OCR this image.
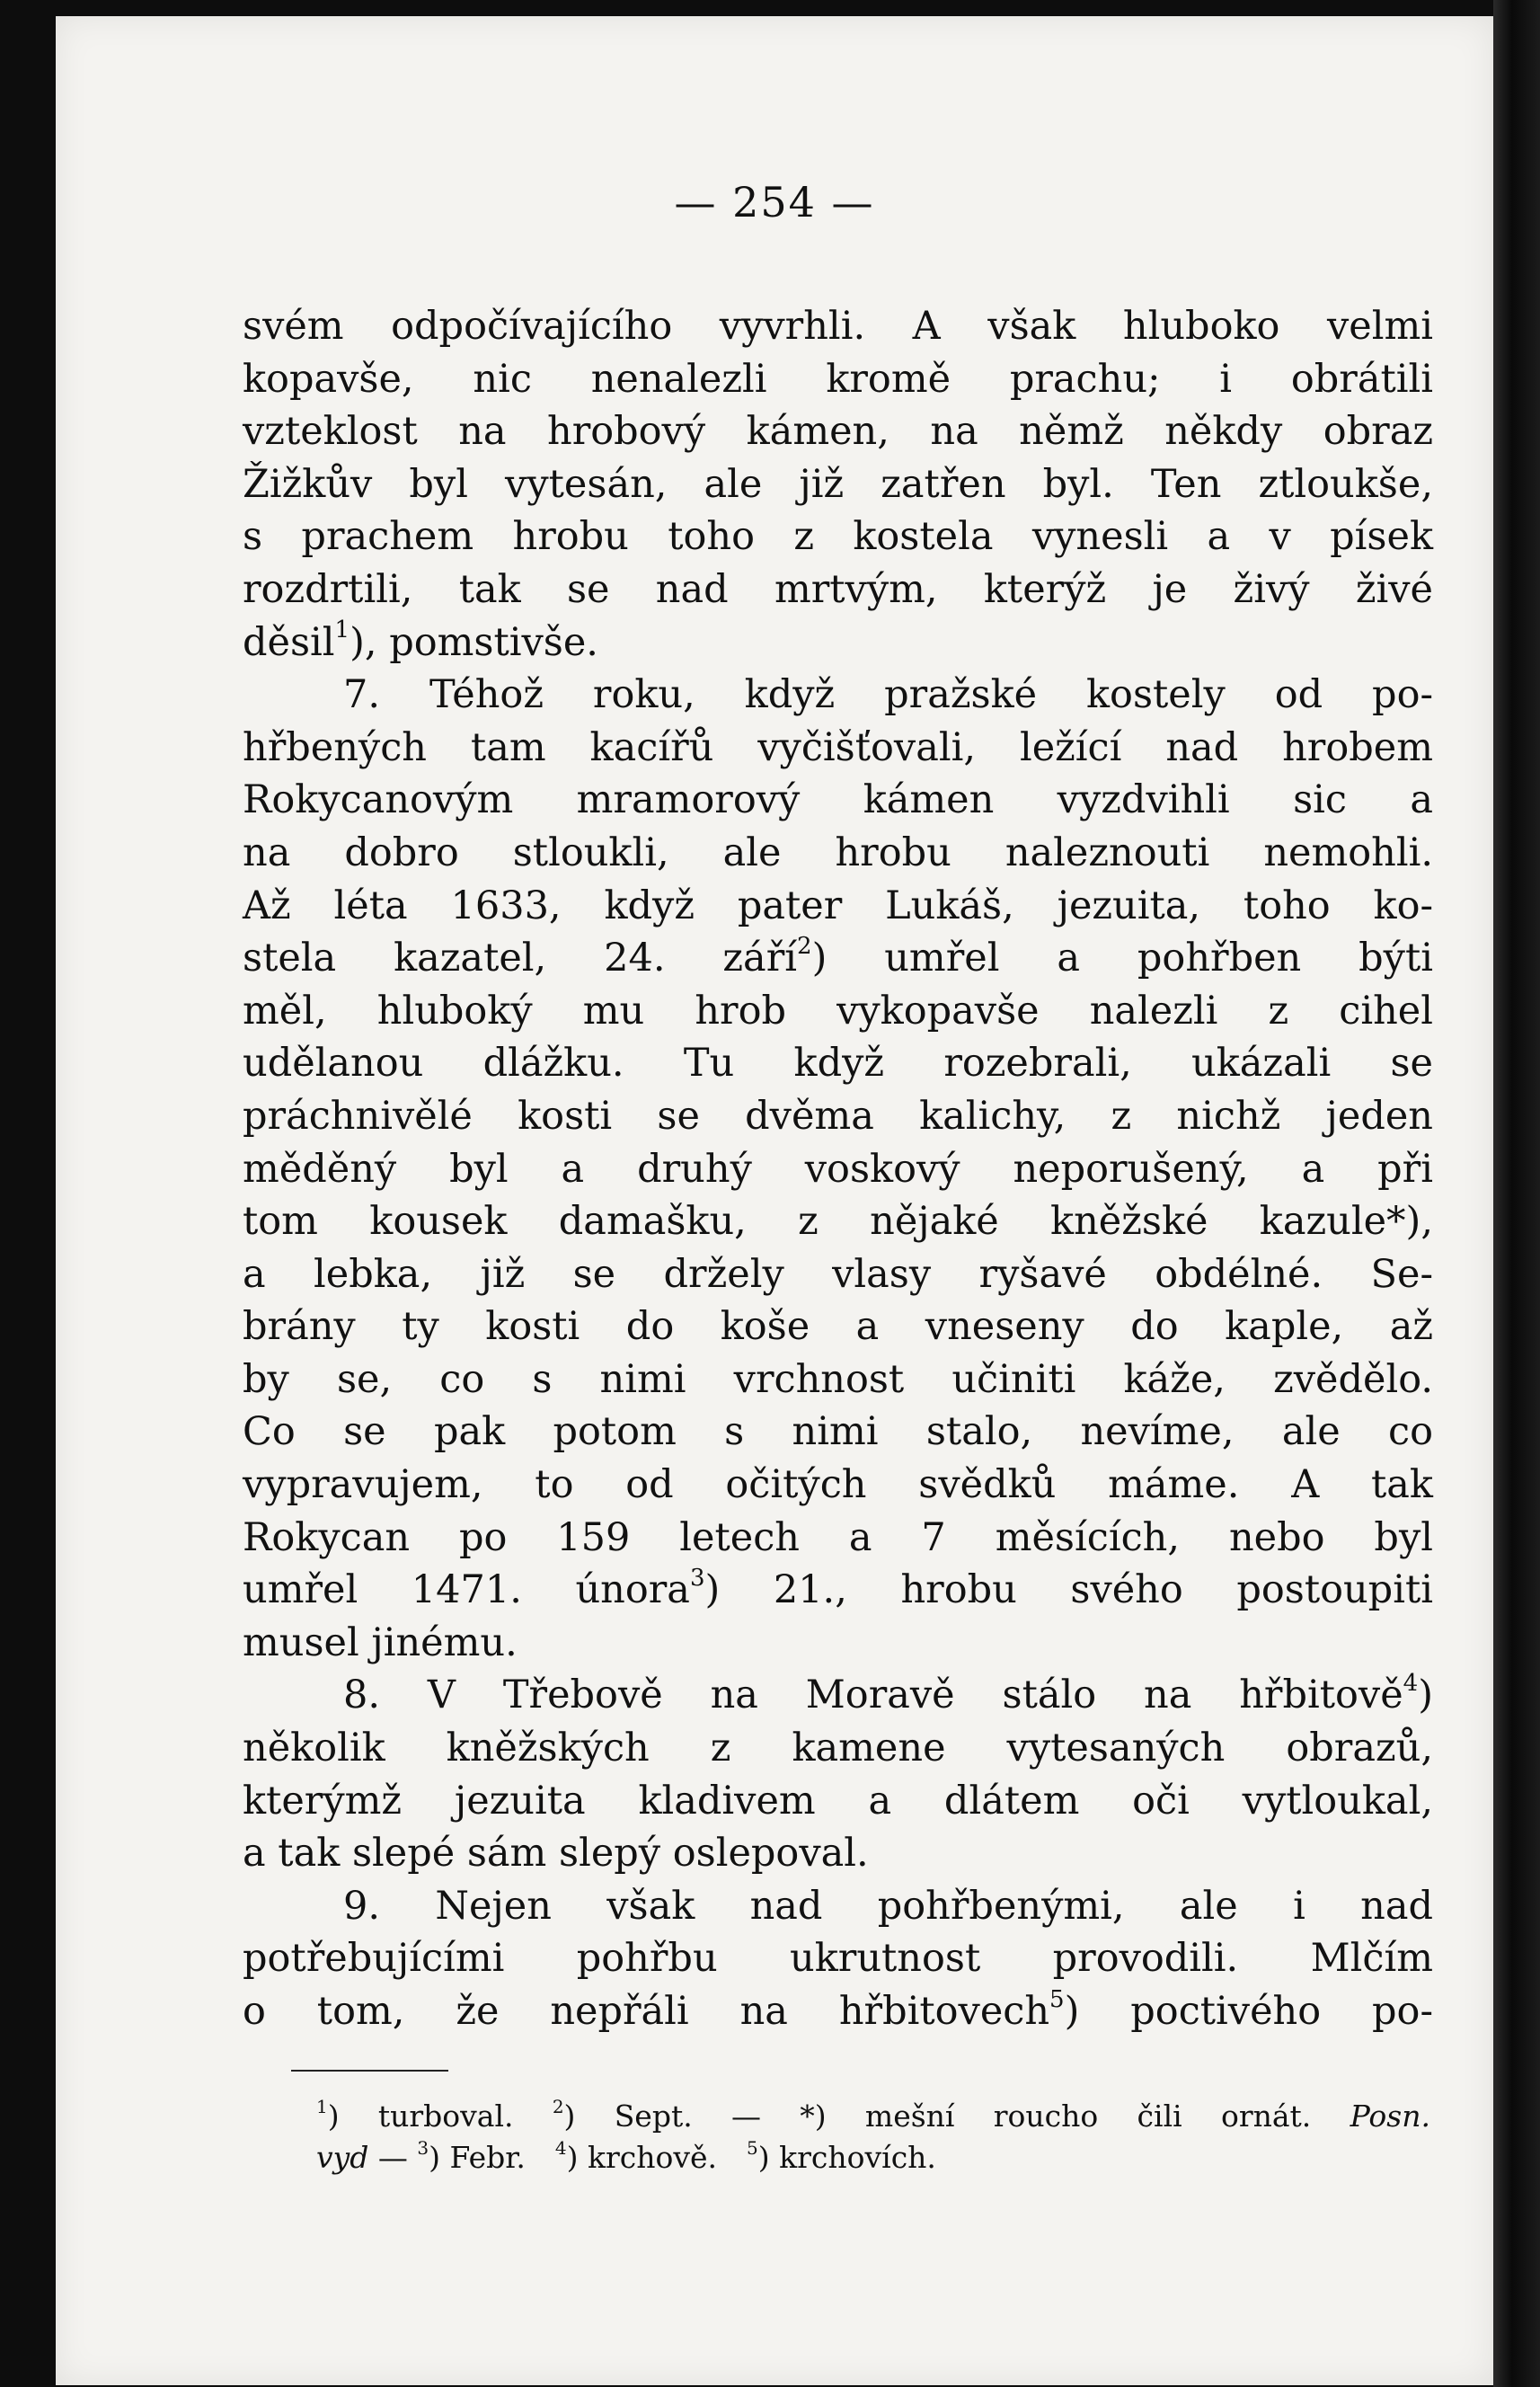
— 254 —
svém odpočívajícího vyvrhli. A však hluboko velmi
kopavše, nic nenalezli kromě prachu; i obrátili
vzteklost na hrobový kámen, na němž někdy obraz
Žižkův byl vytesán, ale již zatřen byl. Ten ztloukše,
s prachem hrobu toho z kostela vynesli a v písek
rozdrtili, tak se nad mrtvým, kterýž je živý živé
děsil$^1$), pomstivše.
7. Téhož roku, když pražské kostely od po-
hřbených tam kacířů vyčišťovali, ležící nad hrobem
Rokycanovým mramorový kámen vyzdvihli sic a
na dobro stloukli, ale hrobu naleznouti nemohli.
Až léta 1633, když pater Lukáš, jezuita, toho ko-
stela kazatel, 24. září$^2$) umřel a pohřben býti
měl, hluboký mu hrob vykopavše nalezli z cihel
udělanou dlážku. Tu když rozebrali, ukázali se
práchnivělé kosti se dvěma kalichy, z nichž jeden
měděný byl a druhý voskový neporušený, a při
tom kousek damašku, z nějaké kněžské kazule*),
a lebka, již se držely vlasy ryšavé obdélné. Se-
brány ty kosti do koše a vneseny do kaple, až
by se, co s nimi vrchnost učiniti káže, zvědělo.
Co se pak potom s nimi stalo, nevíme, ale co
vypravujem, to od očitých svědků máme. A tak
Rokycan po 159 letech a 7 měsících, nebo byl
umřel 1471. února$^3$) 21., hrobu svého postoupiti
musel jinému.
8. V Třebově na Moravě stálo na hřbitově$^4$)
několik kněžských z kamene vytesaných obrazů,
kterýmž jezuita kladivem a dlátem oči vytloukal,
a tak slepé sám slepý oslepoval.
9. Nejen však nad pohřbenými, ale i nad
potřebujícími pohřbu ukrutnost provodili. Mlčím
o tom, že nepřáli na hřbitovech$^5$) poctivého po-
$^1$) turboval. $^2$) Sept. — *) mešní roucho čili ornát. Posn.
vyd — $^3$) Febr.  $^4$) krchově.  $^5$) krchovích.
